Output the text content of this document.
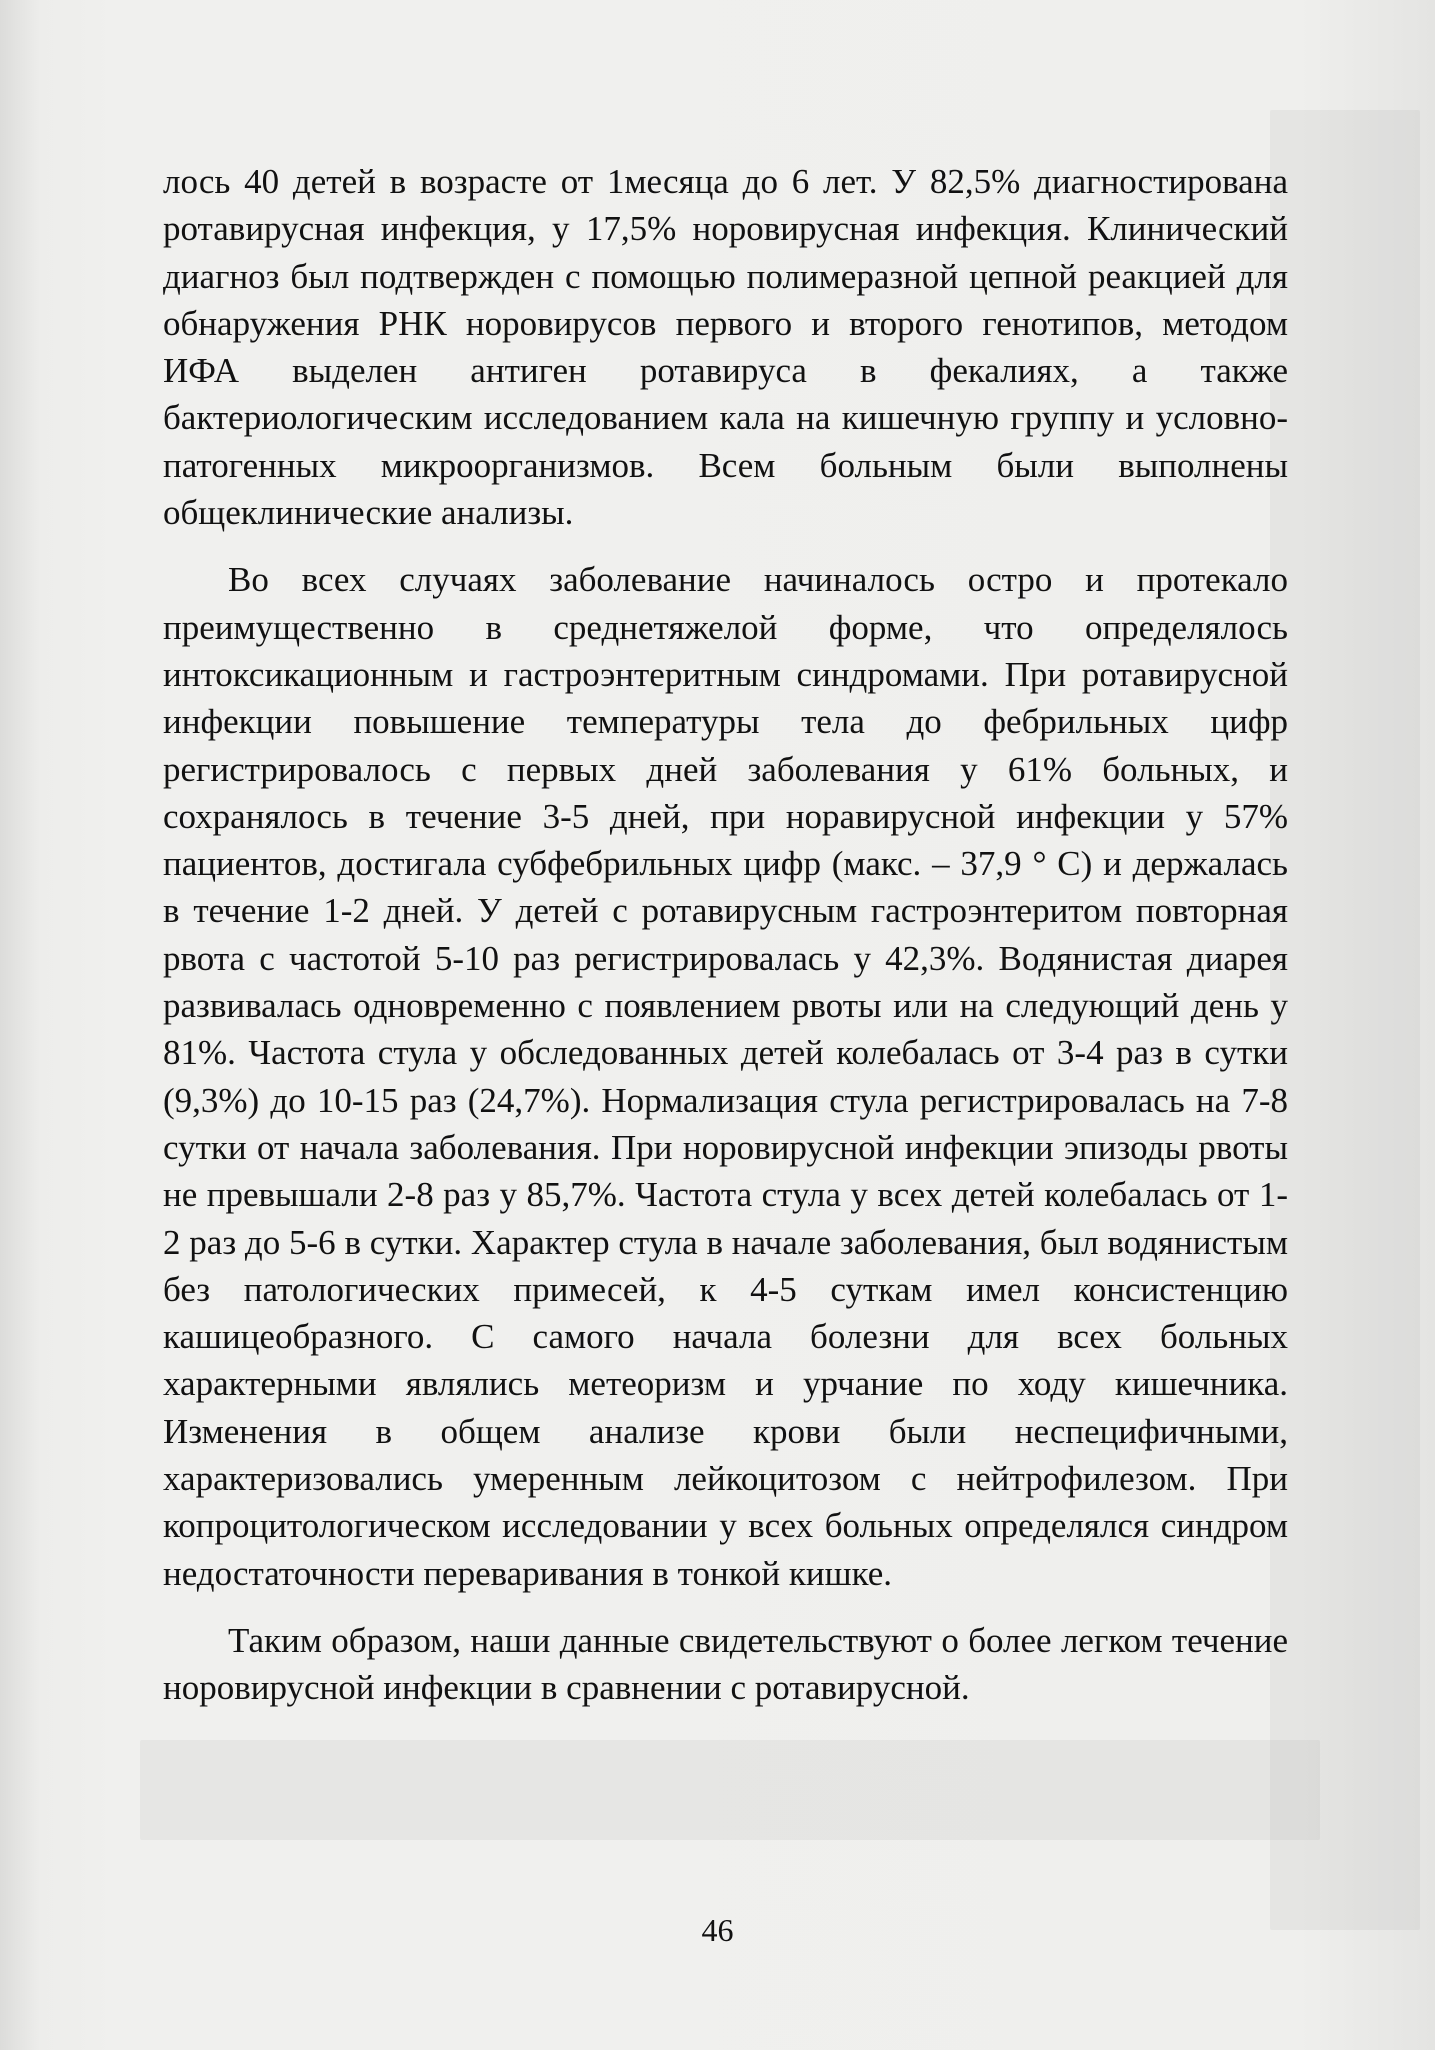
лось 40 детей в возрасте от 1месяца до 6 лет. У 82,5% диагностирована ротавирусная инфекция, у 17,5% норовирусная инфекция. Клинический диагноз был подтвержден с помощью полимеразной цепной реакцией для обнаружения РНК норовирусов первого и второго генотипов, методом ИФА выделен антиген ротавируса в фекалиях, а также бактериологическим исследованием кала на кишечную группу и условно-патогенных микроорганизмов. Всем больным были выполнены общеклинические анализы.

Во всех случаях заболевание начиналось остро и протекало преимущественно в среднетяжелой форме, что определялось интоксикационным и гастроэнтеритным синдромами. При ротавирусной инфекции повышение температуры тела до фебрильных цифр регистрировалось с первых дней заболевания у 61% больных, и сохранялось в течение 3-5 дней, при норавирусной инфекции у 57% пациентов, достигала субфебрильных цифр (макс. – 37,9 ° С) и держалась в течение 1-2 дней. У детей с ротавирусным гастроэнтеритом повторная рвота с частотой 5-10 раз регистрировалась у 42,3%. Водянистая диарея развивалась одновременно с появлением рвоты или на следующий день у 81%. Частота стула у обследованных детей колебалась от 3-4 раз в сутки (9,3%) до 10-15 раз (24,7%). Нормализация стула регистрировалась на 7-8 сутки от начала заболевания. При норовирусной инфекции эпизоды рвоты не превышали 2-8 раз у 85,7%. Частота стула у всех детей колебалась от 1-2 раз до 5-6 в сутки. Характер стула в начале заболевания, был водянистым без патологических примесей, к 4-5 суткам имел консистенцию кашицеобразного. С самого начала болезни для всех больных характерными являлись метеоризм и урчание по ходу кишечника. Изменения в общем анализе крови были неспецифичными, характеризовались умеренным лейкоцитозом с нейтрофилезом. При копроцитологическом исследовании у всех больных определялся синдром недостаточности переваривания в тонкой кишке.

Таким образом, наши данные свидетельствуют о более легком течение норовирусной инфекции в сравнении с ротавирусной.

46
